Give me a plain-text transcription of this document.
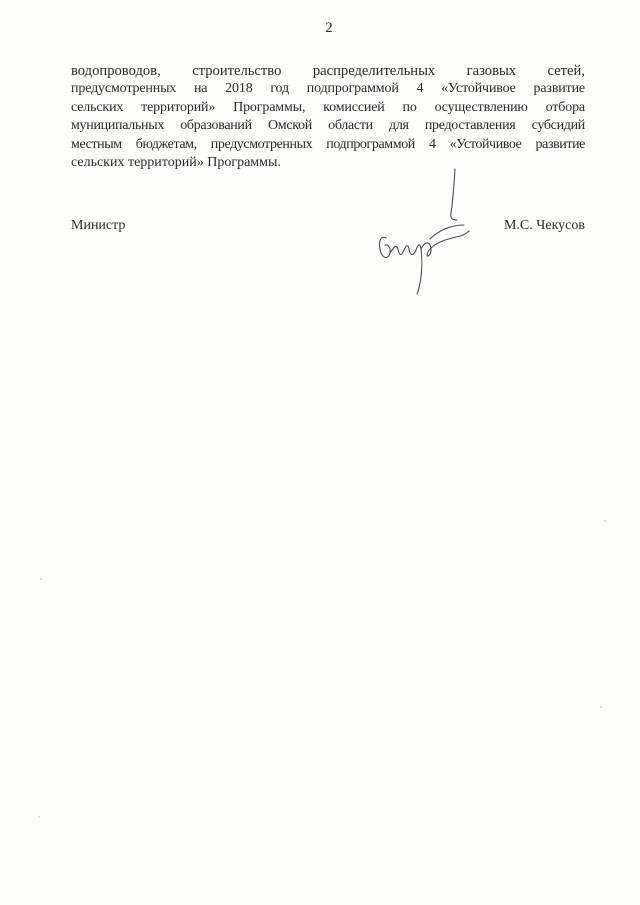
2
водопроводов, строительство распределительных газовых сетей,
предусмотренных на 2018 год подпрограммой 4 «Устойчивое развитие
сельских территорий» Программы, комиссией по осуществлению отбора
муниципальных образований Омской области для предоставления субсидий
местным бюджетам, предусмотренных подпрограммой 4 «Устойчивое развитие
сельских территорий» Программы.
Министр	М.С. Чекусов
